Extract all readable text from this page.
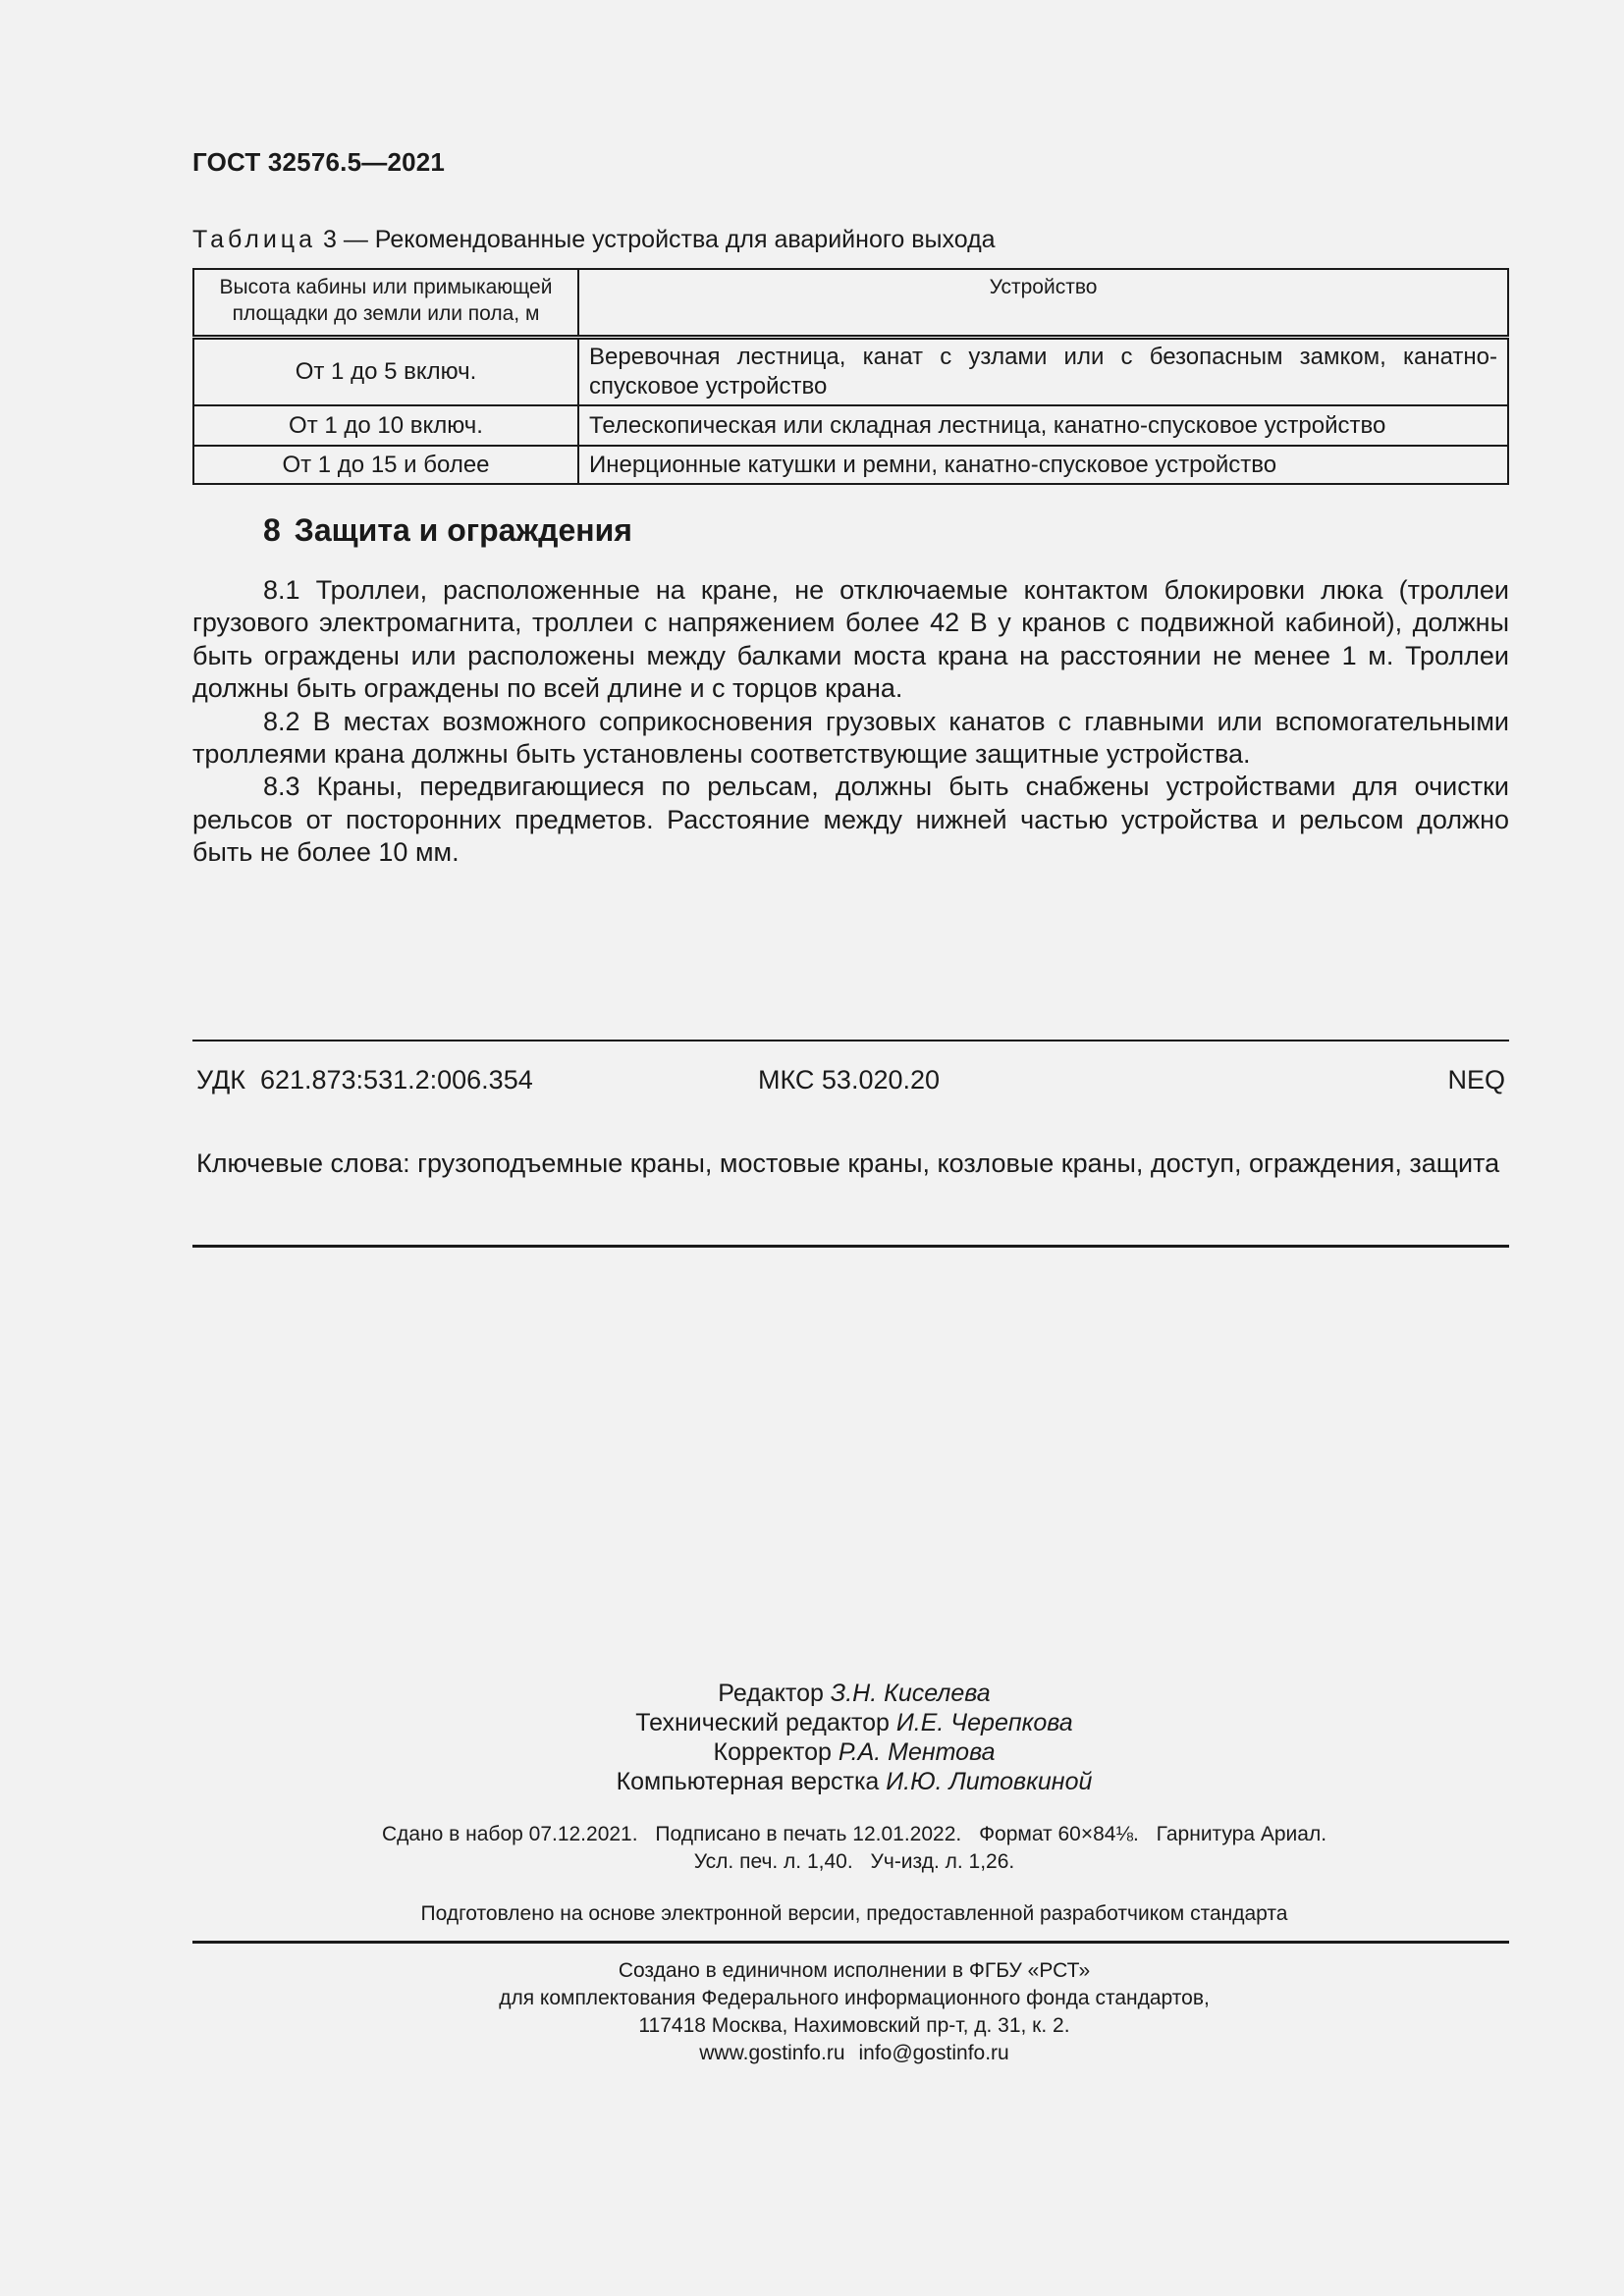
ГОСТ 32576.5—2021
Таблица 3 — Рекомендованные устройства для аварийного выхода
Высота кабины или примыкающей площадки до земли или пола, м	Устройство
От 1 до 5 включ.	Веревочная лестница, канат с узлами или с безопасным замком, канатно-спусковое устройство
От 1 до 10 включ.	Телескопическая или складная лестница, канатно-спусковое устройство
От 1 до 15 и более	Инерционные катушки и ремни, канатно-спусковое устройство
8 Защита и ограждения

8.1 Троллеи, расположенные на кране, не отключаемые контактом блокировки люка (троллеи грузового электромагнита, троллеи с напряжением более 42 В у кранов с подвижной кабиной), должны быть ограждены или расположены между балками моста крана на расстоянии не менее 1 м. Троллеи должны быть ограждены по всей длине и с торцов крана.

8.2 В местах возможного соприкосновения грузовых канатов с главными или вспомогательными троллеями крана должны быть установлены соответствующие защитные устройства.

8.3 Краны, передвигающиеся по рельсам, должны быть снабжены устройствами для очистки рельсов от посторонних предметов. Расстояние между нижней частью устройства и рельсом должно быть не более 10 мм.

УДК  621.873:531.2:006.354	МКС 53.020.20	NEQ
Ключевые слова: грузоподъемные краны, мостовые краны, козловые краны, доступ, ограждения, защита
Редактор З.Н. Киселева
Технический редактор И.Е. Черепкова
Корректор Р.А. Ментова
Компьютерная верстка И.Ю. Литовкиной
Сдано в набор 07.12.2021. Подписано в печать 12.01.2022. Формат 60×84⅛. Гарнитура Ариал.
Усл. печ. л. 1,40. Уч-изд. л. 1,26.
Подготовлено на основе электронной версии, предоставленной разработчиком стандарта
Создано в единичном исполнении в ФГБУ «РСТ»
для комплектования Федерального информационного фонда стандартов,
117418 Москва, Нахимовский пр-т, д. 31, к. 2.
www.gostinfo.ru info@gostinfo.ru
